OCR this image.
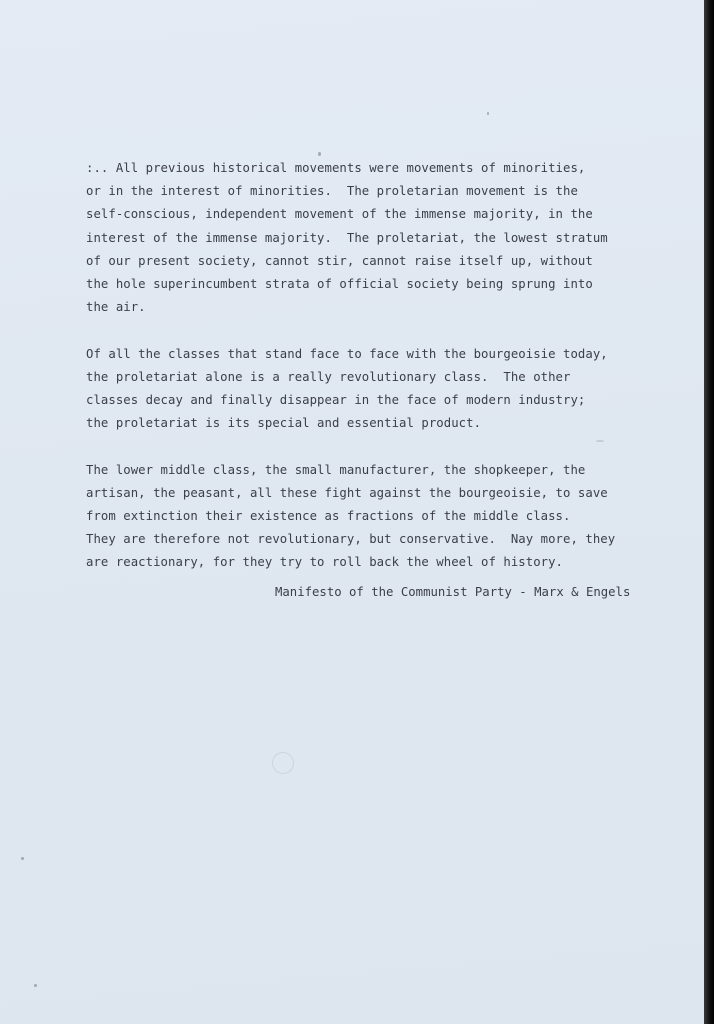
:.. All previous historical movements were movements of minorities,
or in the interest of minorities.  The proletarian movement is the
self-conscious, independent movement of the immense majority, in the
interest of the immense majority.  The proletariat, the lowest stratum
of our present society, cannot stir, cannot raise itself up, without
the hole superincumbent strata of official society being sprung into
the air.

Of all the classes that stand face to face with the bourgeoisie today,
the proletariat alone is a really revolutionary class.  The other
classes decay and finally disappear in the face of modern industry;
the proletariat is its special and essential product.

The lower middle class, the small manufacturer, the shopkeeper, the
artisan, the peasant, all these fight against the bourgeoisie, to save
from extinction their existence as fractions of the middle class.
They are therefore not revolutionary, but conservative.  Nay more, they
are reactionary, for they try to roll back the wheel of history.

Manifesto of the Communist Party - Marx & Engels
